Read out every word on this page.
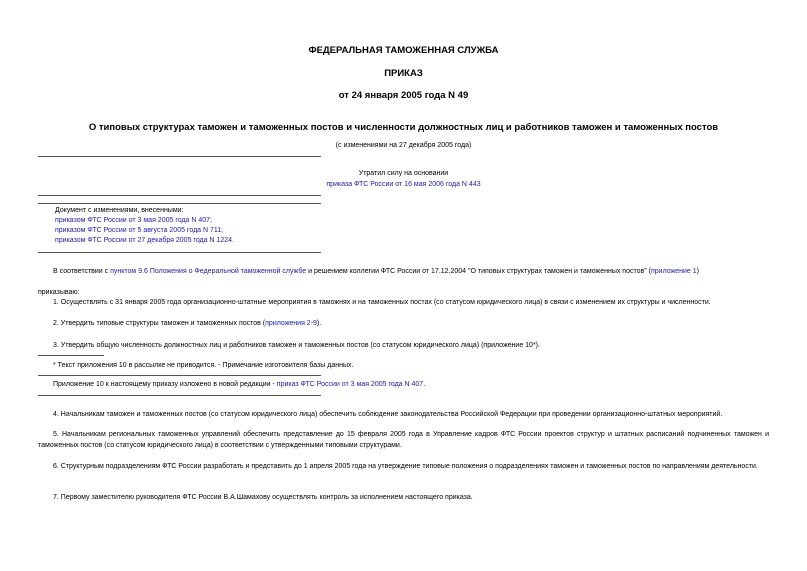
ФЕДЕРАЛЬНАЯ ТАМОЖЕННАЯ СЛУЖБА
ПРИКАЗ
от 24 января 2005 года N 49
О типовых структурах таможен и таможенных постов и численности должностных лиц и работников таможен и таможенных постов
(с изменениями на 27 декабря 2005 года)
Утратил силу на основании
приказа ФТС России от 16 мая 2006 года N 443
Документ с изменениями, внесенными:
приказом ФТС России от 3 мая 2005 года N 407;
приказом ФТС России от 5 августа 2005 года N 711;
приказом ФТС России от 27 декабря 2005 года N 1224.
В соответствии с пунктом 9.6 Положения о Федеральной таможенной службе и решением коллегии ФТС России от 17.12.2004 "О типовых структурах таможен и таможенных постов" (приложение 1)
приказываю:
1. Осуществлять с 31 января 2005 года организационно-штатные мероприятия в таможнях и на таможенных постах (со статусом юридического лица) в связи с изменением их структуры и численности.
2. Утвердить типовые структуры таможен и таможенных постов (приложения 2-9).
3. Утвердить общую численность должностных лиц и работников таможен и таможенных постов (со статусом юридического лица) (приложение 10*).
* Текст приложения 10 в рассылке не приводится. - Примечание изготовителя базы данных.
Приложение 10 к настоящему приказу изложено в новой редакции - приказ ФТС России от 3 мая 2005 года N 407.
4. Начальникам таможен и таможенных постов (со статусом юридического лица) обеспечить соблюдение законодательства Российской Федерации при проведении организационно-штатных мероприятий.
5. Начальникам региональных таможенных управлений обеспечить представление до 15 февраля 2005 года в Управление кадров ФТС России проектов структур и штатных расписаний подчиненных таможен и таможенных постов (со статусом юридического лица) в соответствии с утвержденными типовыми структурами.
6. Структурным подразделениям ФТС России разработать и представить до 1 апреля 2005 года на утверждение типовые положения о подразделениях таможен и таможенных постов по направлениям деятельности.
7. Первому заместителю руководителя ФТС России В.А.Шамахову осуществлять контроль за исполнением настоящего приказа.
